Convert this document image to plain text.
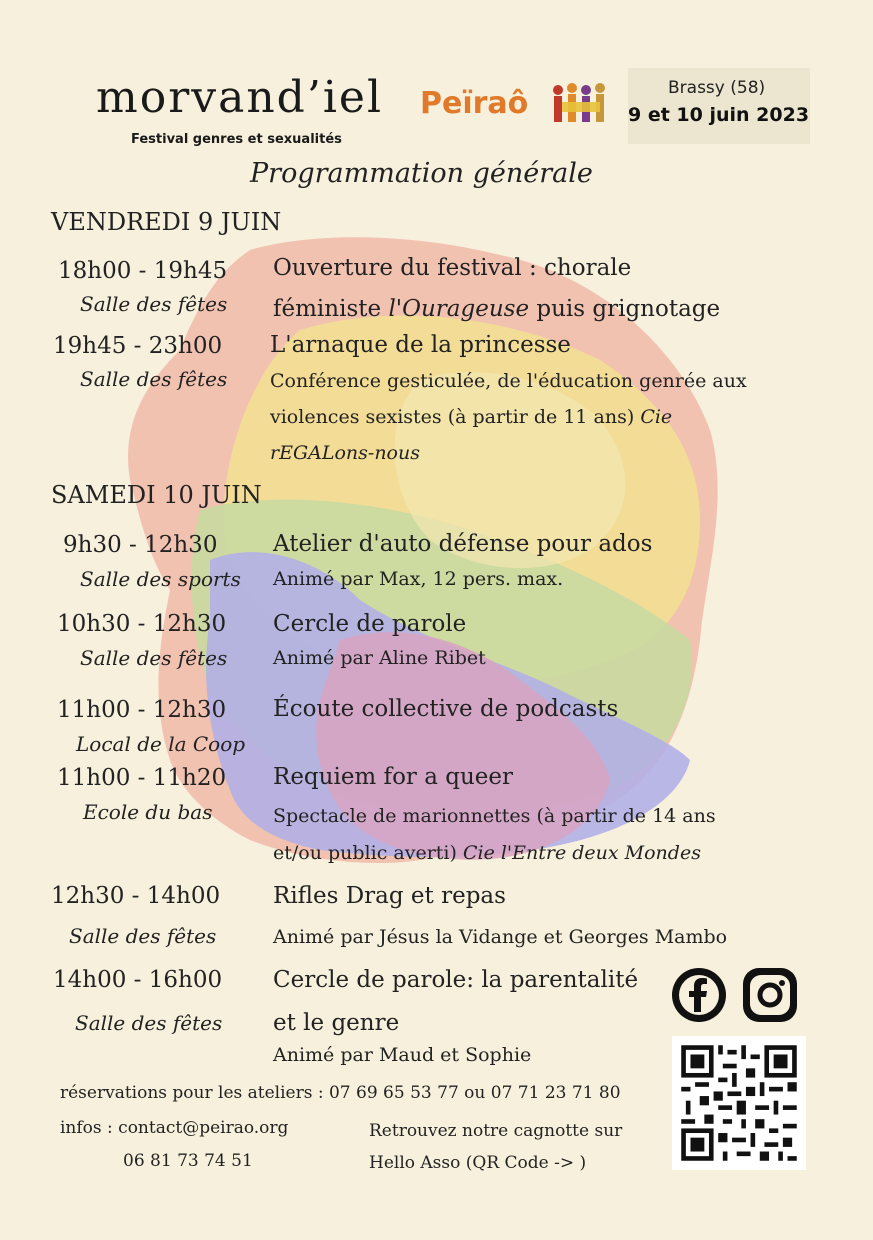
morvand’iel
Festival genres et sexualités
Peïraô	Brassy (58)
9 et 10 juin 2023
Programmation générale
VENDREDI 9 JUIN
18h00 - 19h45
Salle des fêtes
Ouverture du festival : chorale
féministe l'Ourageuse puis grignotage
19h45 - 23h00
Salle des fêtes
L'arnaque de la princesse
Conférence gesticulée, de l'éducation genrée aux
violences sexistes (à partir de 11 ans) Cie
rEGALons-nous
SAMEDI 10 JUIN
9h30 - 12h30
Salle des sports
Atelier d'auto défense pour ados
Animé par Max, 12 pers. max.
10h30 - 12h30
Salle des fêtes
Cercle de parole
Animé par Aline Ribet
11h00 - 12h30
Local de la Coop
Écoute collective de podcasts
11h00 - 11h20
Ecole du bas
Requiem for a queer
Spectacle de marionnettes (à partir de 14 ans
et/ou public averti) Cie l'Entre deux Mondes
12h30 - 14h00
Salle des fêtes
Rifles Drag et repas
Animé par Jésus la Vidange et Georges Mambo
14h00 - 16h00
Salle des fêtes
Cercle de parole: la parentalité
et le genre
Animé par Maud et Sophie
réservations pour les ateliers : 07 69 65 53 77 ou 07 71 23 71 80
infos : contact@peirao.org
06 81 73 74 51
Retrouvez notre cagnotte sur
Hello Asso (QR Code -> )
